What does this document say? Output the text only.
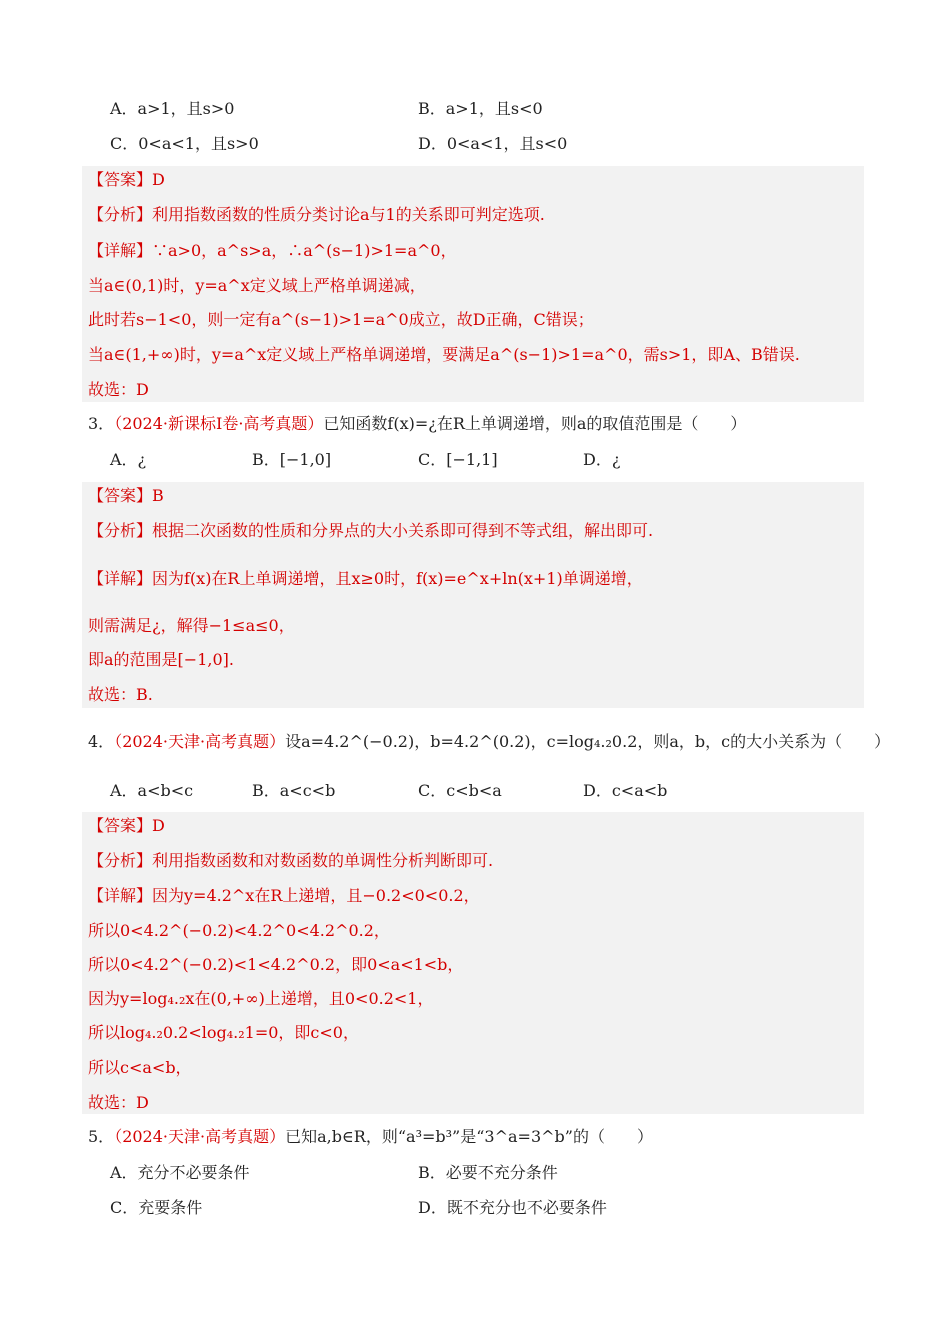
A．a>1，且s>0	B．a>1，且s<0
C．0<a<1，且s>0	D．0<a<1，且s<0
【答案】D
【分析】利用指数函数的性质分类讨论a与1的关系即可判定选项.
【详解】∵a>0，a^s>a，∴a^(s−1)>1=a^0，
当a∈(0,1)时，y=a^x定义域上严格单调递减，
此时若s−1<0，则一定有a^(s−1)>1=a^0成立，故D正确，C错误；
当a∈(1,+∞)时，y=a^x定义域上严格单调递增，要满足a^(s−1)>1=a^0，需s>1，即A、B错误.
故选：D
3．（2024·新课标Ⅰ卷·高考真题）已知函数f(x)=¿在R上单调递增，则a的取值范围是（　　）
A．¿	B．[−1,0]	C．[−1,1]	D．¿
【答案】B
【分析】根据二次函数的性质和分界点的大小关系即可得到不等式组，解出即可.
【详解】因为f(x)在R上单调递增，且x≥0时，f(x)=e^x+ln(x+1)单调递增，
则需满足¿，解得−1≤a≤0，
即a的范围是[−1,0].
故选：B.
4．（2024·天津·高考真题）设a=4.2^(−0.2)，b=4.2^(0.2)，c=log₄.₂0.2，则a，b，c的大小关系为（　　）
A．a<b<c	B．a<c<b	C．c<b<a	D．c<a<b
【答案】D
【分析】利用指数函数和对数函数的单调性分析判断即可.
【详解】因为y=4.2^x在R上递增，且−0.2<0<0.2，
所以0<4.2^(−0.2)<4.2^0<4.2^0.2，
所以0<4.2^(−0.2)<1<4.2^0.2，即0<a<1<b，
因为y=log₄.₂x在(0,+∞)上递增，且0<0.2<1，
所以log₄.₂0.2<log₄.₂1=0，即c<0，
所以c<a<b，
故选：D
5．（2024·天津·高考真题）已知a,b∈R，则“a³=b³”是“3^a=3^b”的（　　）
A．充分不必要条件	B．必要不充分条件
C．充要条件	D．既不充分也不必要条件
